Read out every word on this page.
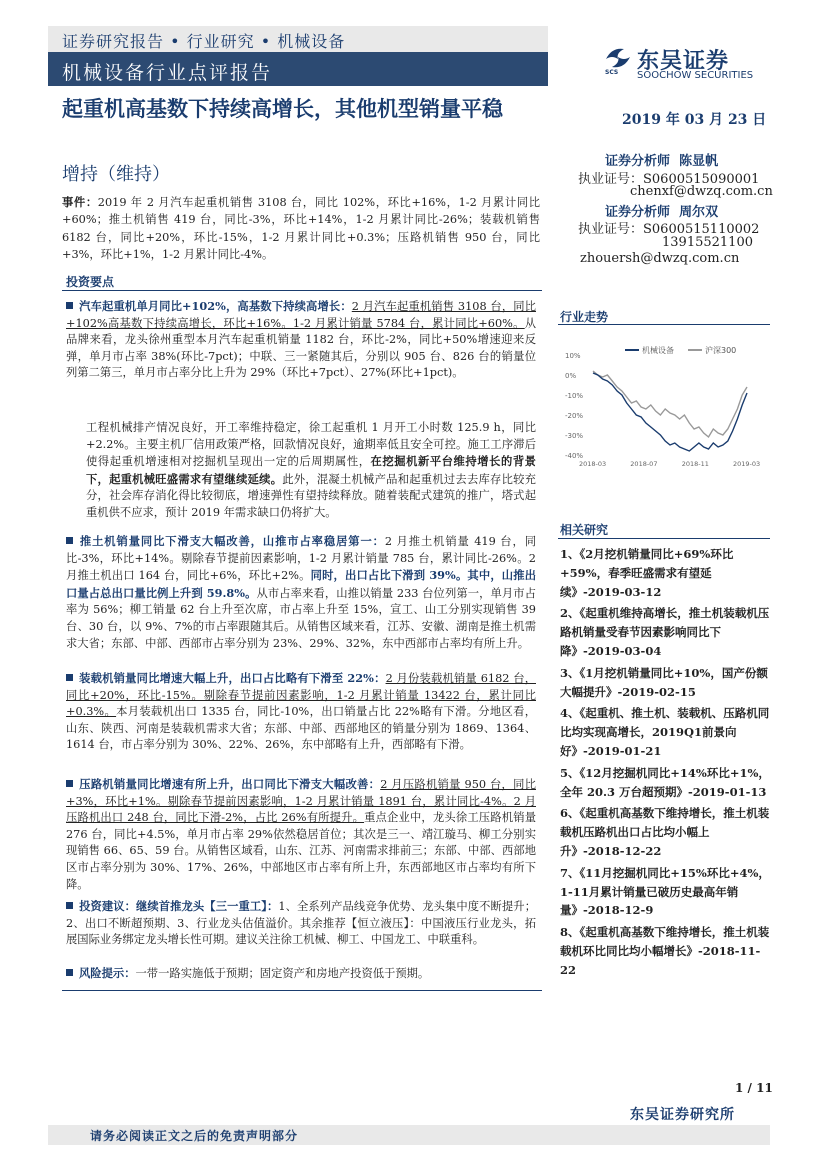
证券研究报告 • 行业研究 • 机械设备
机械设备行业点评报告	SCS 东吴证券
SOOCHOW SECURITIES
起重机高基数下持续高增长，其他机型销量平稳	2019 年 03 月 23 日
增持（维持）
证券分析师 陈显帆
执业证号：S0600515090001
chenxf@dwzq.com.cn
证券分析师 周尔双
执业证号：S0600515110002
13915521100
zhouersh@dwzq.com.cn
事件：2019 年 2 月汽车起重机销售 3108 台，同比 102%，环比+16%，1-2 月累计同比+60%；推土机销售 419 台，同比-3%，环比+14%，1-2 月累计同比-26%；装载机销售 6182 台，同比+20%，环比-15%，1-2 月累计同比+0.3%；压路机销售 950 台，同比+3%，环比+1%，1-2 月累计同比-4%。
投资要点
汽车起重机单月同比+102%，高基数下持续高增长：2 月汽车起重机销售 3108 台，同比+102%高基数下持续高增长，环比+16%。1-2 月累计销量 5784 台，累计同比+60%。从品牌来看，龙头徐州重型本月汽车起重机销量 1182 台，环比-2%，同比+50%增速迎来反弹，单月市占率 38%(环比-7pct)；中联、三一紧随其后，分别以 905 台、826 台的销量位列第二第三，单月市占率分比上升为 29%（环比+7pct）、27%(环比+1pct)。
工程机械排产情况良好，开工率维持稳定，徐工起重机 1 月开工小时数 125.9 h，同比+2.2%。主要主机厂信用政策严格，回款情况良好，逾期率低且安全可控。施工工序滞后使得起重机增速相对挖掘机呈现出一定的后周期属性，在挖掘机新平台维持增长的背景下，起重机械旺盛需求有望继续延续。此外，混凝土机械产品和起重机过去去库存比较充分，社会库存消化得比较彻底，增速弹性有望持续释放。随着装配式建筑的推广，塔式起重机供不应求，预计 2019 年需求缺口仍将扩大。
推土机销量同比下滑支大幅改善，山推市占率稳居第一：2 月推土机销量 419 台，同比-3%，环比+14%。剔除春节提前因素影响，1-2 月累计销量 785 台，累计同比-26%。2 月推土机出口 164 台，同比+6%，环比+2%。同时，出口占比下滑到 39%。其中，山推出口量占总出口量比例上升到 59.8%。从市占率来看，山推以销量 233 台位列第一，单月市占率为 56%；柳工销量 62 台上升至次席，市占率上升至 15%，宣工、山工分别实现销售 39 台、30 台，以 9%、7%的市占率跟随其后。从销售区域来看，江苏、安徽、湖南是推土机需求大省；东部、中部、西部市占率分别为 23%、29%、32%，东中西部市占率均有所上升。
装载机销量同比增速大幅上升，出口占比略有下滑至 22%：2 月份装载机销量 6182 台，同比+20%，环比-15%。剔除春节提前因素影响，1-2 月累计销量 13422 台，累计同比+0.3%。本月装载机出口 1335 台，同比-10%，出口销量占比 22%略有下滑。分地区看，山东、陕西、河南是装载机需求大省；东部、中部、西部地区的销量分别为 1869、1364、1614 台，市占率分别为 30%、22%、26%，东中部略有上升，西部略有下滑。
压路机销量同比增速有所上升，出口同比下滑支大幅改善：2 月压路机销量 950 台，同比+3%，环比+1%。剔除春节提前因素影响，1-2 月累计销量 1891 台，累计同比-4%。2 月压路机出口 248 台，同比下滑-2%，占比 26%有所提升。重点企业中，龙头徐工压路机销量 276 台，同比+4.5%，单月市占率 29%依然稳居首位；其次是三一、靖江璇马、柳工分别实现销售 66、65、59 台。从销售区域看，山东、江苏、河南需求排前三；东部、中部、西部地区市占率分别为 30%、17%、26%，中部地区市占率有所上升，东西部地区市占率均有所下降。
投资建议：继续首推龙头【三一重工】：1、全系列产品线竞争优势、龙头集中度不断提升；2、出口不断超预期、3、行业龙头估值溢价。其余推荐【恒立液压】：中国液压行业龙头，拓展国际业务绑定龙头增长性可期。建议关注徐工机械、柳工、中国龙工、中联重科。
风险提示：一带一路实施低于预期；固定资产和房地产投资低于预期。
行业走势
10%
0%
-10%
-20%
-30%
-40%
2018-03	2018-07	2018-11	2019-03
机械设备	沪深300
相关研究
1、《2月挖机销量同比+69%环比+59%，春季旺盛需求有望延续》-2019-03-12
2、《起重机维持高增长，推土机装载机压路机销量受春节因素影响同比下降》-2019-03-04
3、《1月挖机销量同比+10%，国产份额大幅提升》-2019-02-15
4、《起重机、推土机、装载机、压路机同比均实现高增长，2019Q1前景向好》-2019-01-21
5、《12月挖掘机同比+14%环比+1%，全年 20.3 万台超预期》-2019-01-13
6、《起重机高基数下维持增长，推土机装载机压路机出口占比均小幅上升》-2018-12-22
7、《11月挖掘机同比+15%环比+4%，1-11月累计销量已破历史最高年销量》-2018-12-9
8、《起重机高基数下维持增长，推土机装载机环比同比均小幅增长》-2018-11-22
1 / 11
东吴证券研究所
请务必阅读正文之后的免责声明部分
